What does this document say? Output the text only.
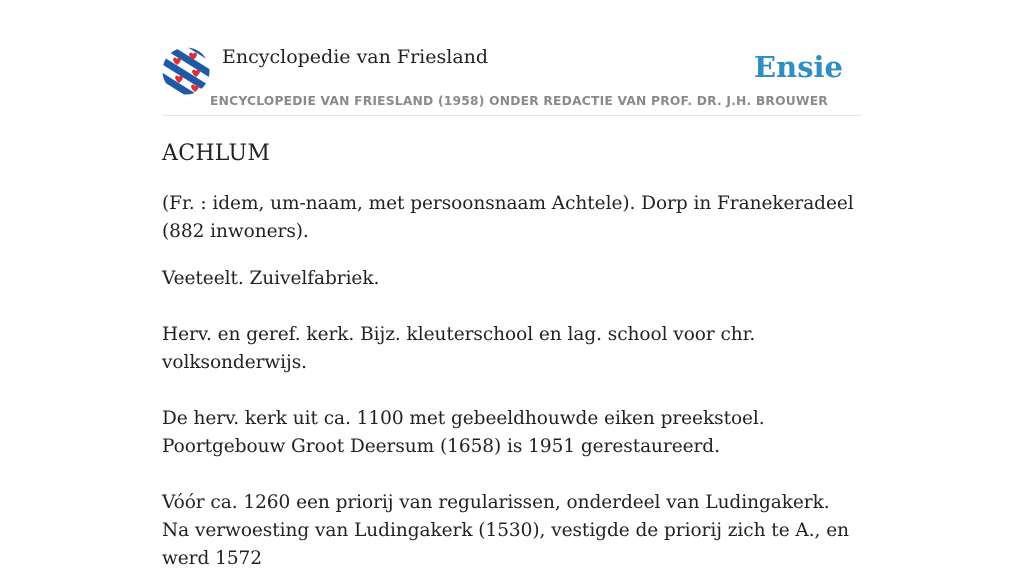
Encyclopedie van Friesland	Ensie
ENCYCLOPEDIE VAN FRIESLAND (1958) ONDER REDACTIE VAN PROF. DR. J.H. BROUWER
ACHLUM

(Fr. : idem, um-naam, met persoonsnaam Achtele). Dorp in Franekeradeel (882 inwoners).

Veeteelt. Zuivelfabriek.

Herv. en geref. kerk. Bijz. kleuterschool en lag. school voor chr. volksonderwijs.

De herv. kerk uit ca. 1100 met gebeeldhouwde eiken preekstoel. Poortgebouw Groot Deersum (1658) is 1951 gerestaureerd.

Vóór ca. 1260 een priorij van regularissen, onderdeel van Ludingakerk. Na verwoesting van Ludingakerk (1530), vestigde de priorij zich te A., en werd 1572
